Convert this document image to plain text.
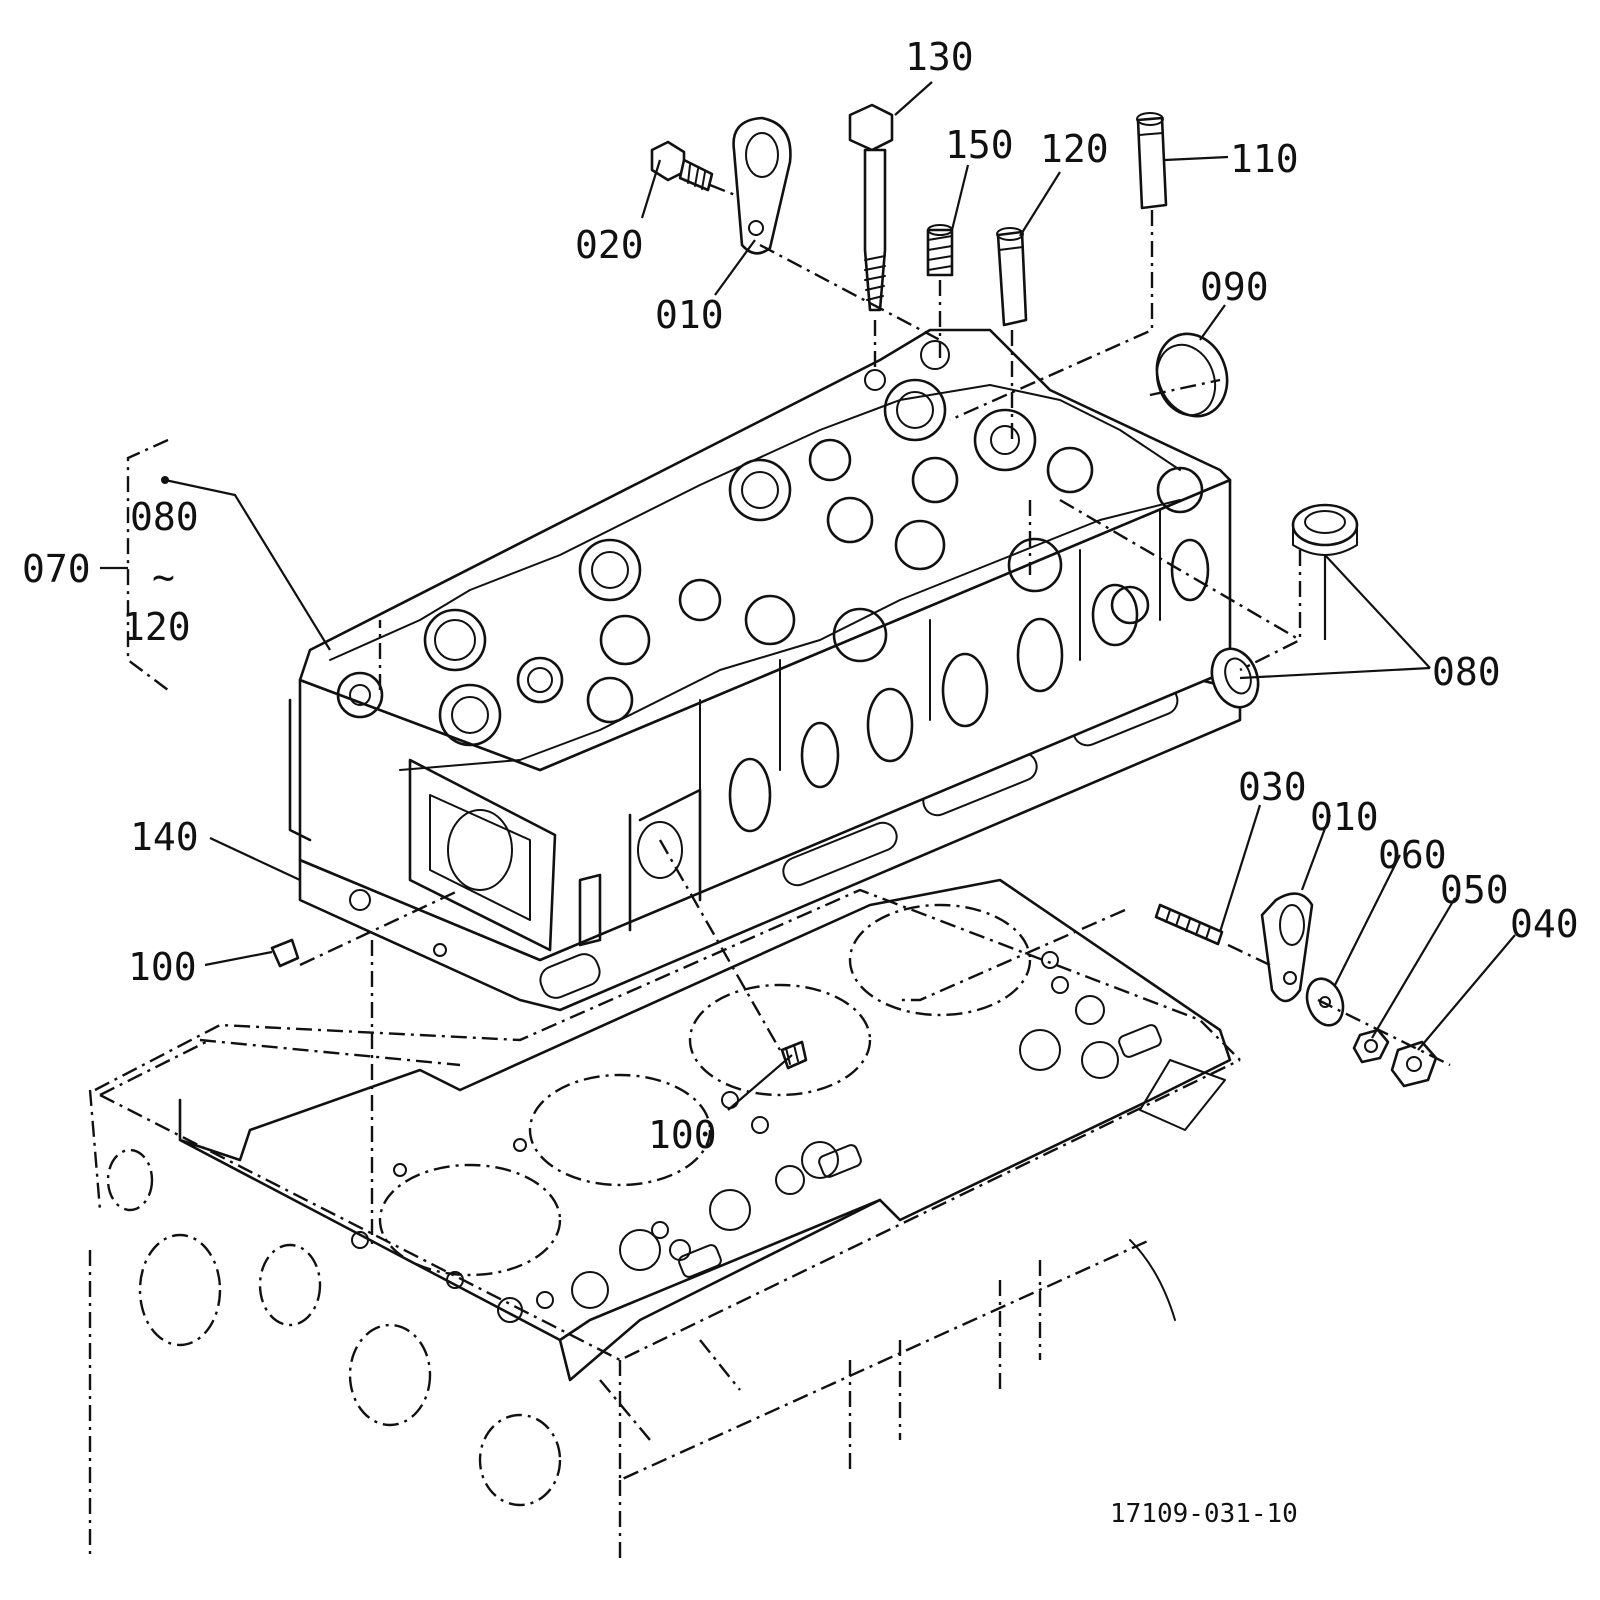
130
150 120	110
020
010
090
080
~
070
120
080
140
030
010
060
050
040
100
100
17109-031-10
